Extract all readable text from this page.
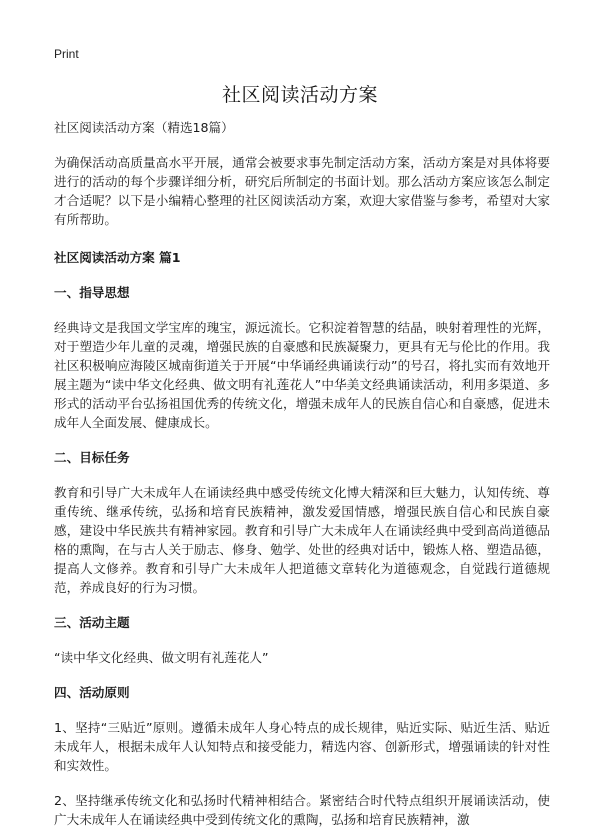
Print
社区阅读活动方案

社区阅读活动方案（精选18篇）

为确保活动高质量高水平开展，通常会被要求事先制定活动方案，活动方案是对具体将要进行的活动的每个步骤详细分析，研究后所制定的书面计划。那么活动方案应该怎么制定才合适呢？以下是小编精心整理的社区阅读活动方案，欢迎大家借鉴与参考，希望对大家有所帮助。

社区阅读活动方案 篇1

一、指导思想

经典诗文是我国文学宝库的瑰宝，源远流长。它积淀着智慧的结晶，映射着理性的光辉，对于塑造少年儿童的灵魂，增强民族的自豪感和民族凝聚力，更具有无与伦比的作用。我社区积极响应海陵区城南街道关于开展“中华诵经典诵读行动”的号召，将扎实而有效地开展主题为“读中华文化经典、做文明有礼莲花人”中华美文经典诵读活动，利用多渠道、多形式的活动平台弘扬祖国优秀的传统文化，增强未成年人的民族自信心和自豪感，促进未成年人全面发展、健康成长。

二、目标任务

教育和引导广大未成年人在诵读经典中感受传统文化博大精深和巨大魅力，认知传统、尊重传统、继承传统，弘扬和培育民族精神，激发爱国情感，增强民族自信心和民族自豪感，建设中华民族共有精神家园。教育和引导广大未成年人在诵读经典中受到高尚道德品格的熏陶，在与古人关于励志、修身、勉学、处世的经典对话中，锻炼人格、塑造品德，提高人文修养。教育和引导广大未成年人把道德文章转化为道德观念，自觉践行道德规范，养成良好的行为习惯。

三、活动主题

“读中华文化经典、做文明有礼莲花人”

四、活动原则

1、坚持“三贴近”原则。遵循未成年人身心特点的成长规律，贴近实际、贴近生活、贴近未成年人，根据未成年人认知特点和接受能力，精选内容、创新形式，增强诵读的针对性和实效性。

2、坚持继承传统文化和弘扬时代精神相结合。紧密结合时代特点组织开展诵读活动，使广大未成年人在诵读经典中受到传统文化的熏陶，弘扬和培育民族精神，激
